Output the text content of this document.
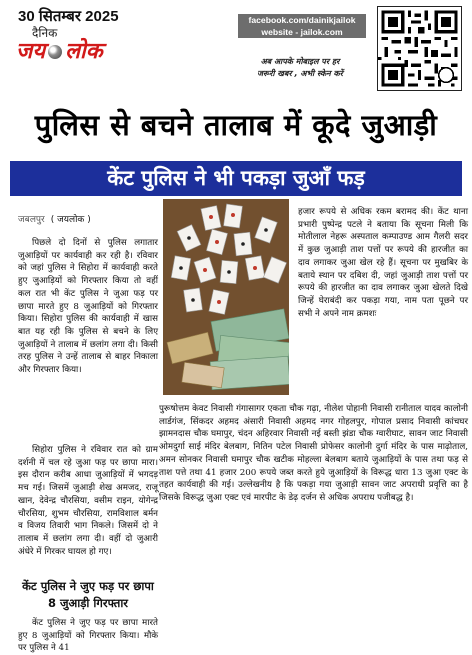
30 सितम्बर 2025
दैनिक
जय लोक
facebook.com/dainikjailok
website - jailok.com
अब आपके मोबाइल पर हर
जरूरी खबर , अभी स्केन करें
पुलिस से बचने तालाब में कूदे जुआड़ी
केंट पुलिस ने भी पकड़ा जुआँ फड़
जबलपुर ( जयलोक )

पिछले दो दिनों से पुलिस लगातार जुआड़ियों पर कार्यवाही कर रही है। रविवार को जहां पुलिस ने सिहोरा में कार्यवाही करते हुए जुआड़ियों को गिरफ्तार किया तो वहीं कल रात भी केंट पुलिस ने जुआ फड़ पर छापा मारते हुए 8 जुआड़ियों को गिरफ्तार किया। सिहोरा पुलिस की कार्यवाही में खास बात यह रही कि पुलिस से बचने के लिए जुआड़ियों ने तालाब में छलांग लगा दी। किसी तरह पुलिस ने उन्हें तालाब से बाहर निकाला और गिरफ्तार किया।

सिहोरा पुलिस ने रविवार रात को ग्राम दर्शनी में चल रहे जुआ फड़ पर छापा मारा। इस दौरान करीब आधा जुआड़ियों में भगदड़ मच गई। जिसमें जुआड़ी शेख अमजद, राजू खान, देवेन्द्र चौरसिया, वसीम राइन, योगेन्द्र चौरसिया, शुभम चौरसिया, रामविशाल बर्मन व विजय तिवारी भाग निकले। जिसमें दो ने तालाब में छलांग लगा दी। वहीं दो जुआरी अंधेरे में गिरकर घायल हो गए।

केंट पुलिस ने जुए फड़ पर छापा
8 जुआड़ी गिरफ्तार

केंट पुलिस ने जुए फड़ पर छापा मारते हुए 8 जुआड़ियों को गिरफ्तार किया। मौके पर पुलिस ने 41

हजार रूपये से अधिक रकम बरामद की। केंट थाना प्रभारी पुष्पेन्द्र पटले ने बताया कि सूचना मिली कि मोतीलाल नेहरू अस्पताल कम्पाउण्ड आम गैलरी सदर में कुछ जुआड़ी ताश पत्तों पर रूपये की हारजीत का दाव लगाकर जुआ खेल रहे हैं। सूचना पर मुखबिर के बताये स्थान पर दबिश दी, जहां जुआड़ी ताश पत्तों पर रूपये की हारजीत का दाव लगाकर जुआ खेलते दिखे जिन्हें घेराबंदी कर पकड़ा गया, नाम पता पूछने पर सभी ने अपने नाम क्रमशः

पुरूषोत्तम केवट निवासी गंगासागर एकता चौक गढ़ा, नीलेश पोहानी निवासी रानीताल यादव कालोनी लार्डगंज, सिंकदर अहमद अंसारी निवासी अहमद नगर गोहलपुर, गोपाल प्रसाद निवासी कांचघर झामनदास चौक घमापुर, चंदन अहिरवार निवासी नई बस्ती झंडा चौक ग्वारीघाट, सावन जाट निवासी ओमदुर्गा साई मंदिर बेलबाग, नितिन पटेल निवासी प्रोफेसर कालोनी दुर्गा मंदिर के पास माढ़ोताल, अमन सोनकर निवासी घमापुर चौक खटीक मोहल्ला बेलबाग बताये जुआड़ियों के पास तथा फड़ से ताश पत्ते तथा 41 हजार 200 रूपये जब्त करते हुये जुआड़ियों के विरूद्ध धारा 13 जुआ एक्ट के तहत कार्यवाही की गई। उल्लेखनीय है कि पकड़ा गया जुआड़ी सावन जाट अपराधी प्रवृत्ति का है जिसके विरूद्ध जुआ एक्ट एवं मारपीट के डेढ़ दर्जन से अधिक अपराध पजीबद्ध है।
